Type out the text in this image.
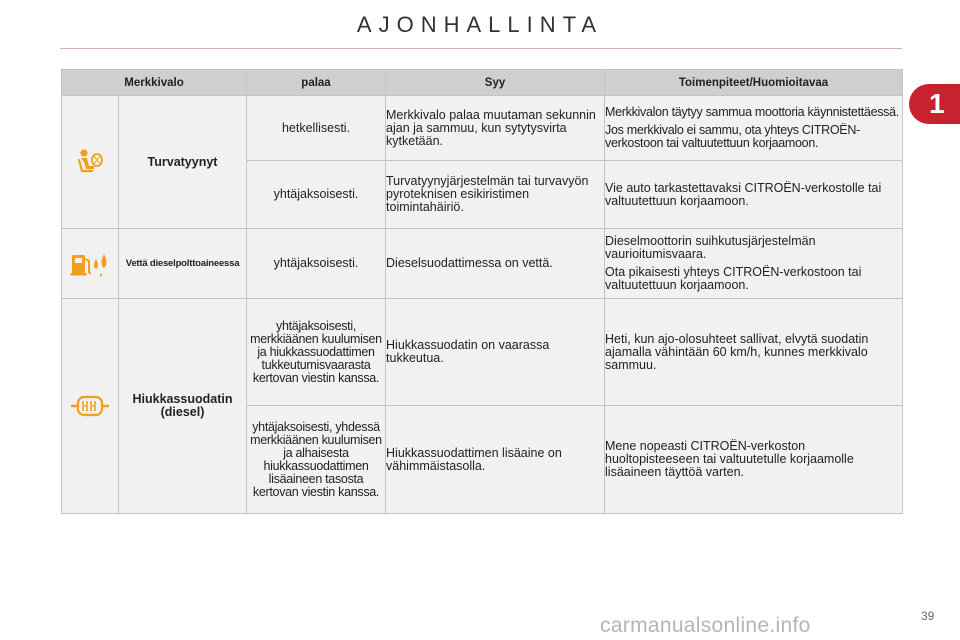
AJONHALLINTA
1
Merkkivalo		palaa	Syy	Toimenpiteet/Huomioitavaa

	Turvatyynyt	hetkellisesti.	Merkkivalo palaa muutaman sekunnin ajan ja sammuu, kun sytytysvirta kytketään.	Merkkivalon täytyy sammua moottoria käynnistettäessä.
Jos merkkivalo ei sammu, ota yhteys CITROËN-verkostoon tai valtuutettuun korjaamoon.

		yhtäjaksoisesti.	Turvatyynyjärjestelmän tai turvavyön pyroteknisen esikiristimen toimintahäiriö.	Vie auto tarkastettavaksi CITROËN-verkostolle tai valtuutettuun korjaamoon.

	Vettä dieselpolttoaineessa	yhtäjaksoisesti.	Dieselsuodattimessa on vettä.	Dieselmoottorin suihkutusjärjestelmän vaurioitumisvaara.
Ota pikaisesti yhteys CITROËN-verkostoon tai valtuutettuun korjaamoon.

	Hiukkassuodatin (diesel)	yhtäjaksoisesti, merkkiäänen kuulumisen ja hiukkassuodattimen tukkeutumisvaarasta kertovan viestin kanssa.	Hiukkassuodatin on vaarassa tukkeutua.	Heti, kun ajo-olosuhteet sallivat, elvytä suodatin ajamalla vähintään 60 km/h, kunnes merkkivalo sammuu.
		yhtäjaksoisesti, yhdessä merkkiäänen kuulumisen ja alhaisesta hiukkassuodattimen lisäaineen tasosta kertovan viestin kanssa.	Hiukkassuodattimen lisäaine on vähimmäistasolla.	Mene nopeasti CITROËN-verkoston huoltopisteeseen tai valtuutetulle korjaamolle lisäaineen täyttöä varten.
39
carmanualsonline.info
